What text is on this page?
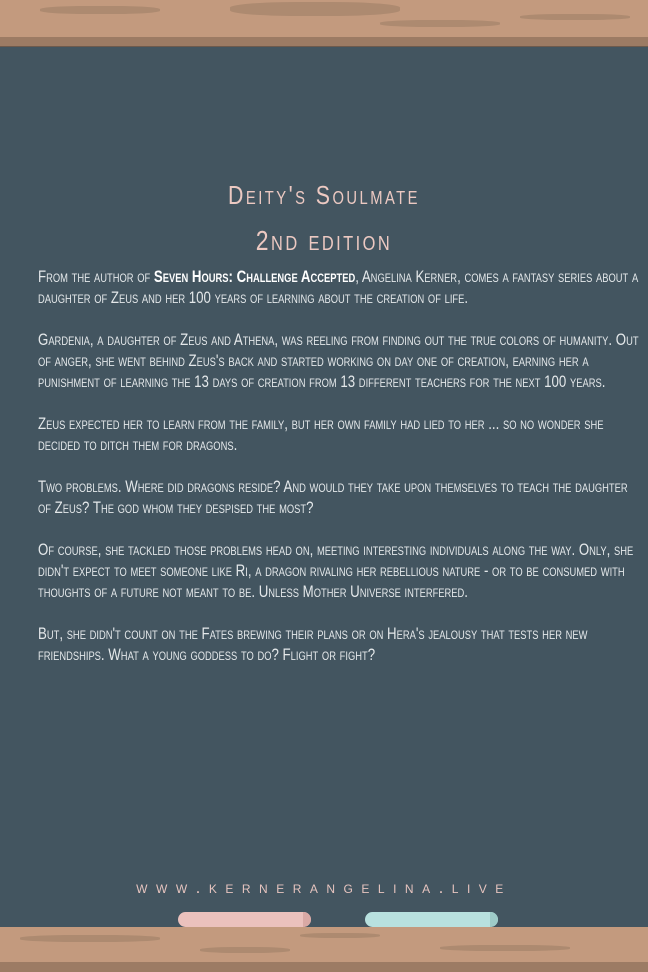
Deity's Soulmate
2nd edition

From the author of Seven Hours: Challenge Accepted, Angelina Kerner, comes a fantasy series about a daughter of Zeus and her 100 years of learning about the creation of life.

Gardenia, a daughter of Zeus and Athena, was reeling from finding out the true colors of humanity. Out of anger, she went behind Zeus's back and started working on day one of creation, earning her a punishment of learning the 13 days of creation from 13 different teachers for the next 100 years.

Zeus expected her to learn from the family, but her own family had lied to her ... so no wonder she decided to ditch them for dragons.

Two problems. Where did dragons reside? And would they take upon themselves to teach the daughter of Zeus? The god whom they despised the most?

Of course, she tackled those problems head on, meeting interesting individuals along the way. Only, she didn't expect to meet someone like Ri, a dragon rivaling her rebellious nature - or to be consumed with thoughts of a future not meant to be. Unless Mother Universe interfered.

But, she didn't count on the Fates brewing their plans or on Hera's jealousy that tests her new friendships. What a young goddess to do? Flight or fight?

www.kernerangelina.live
